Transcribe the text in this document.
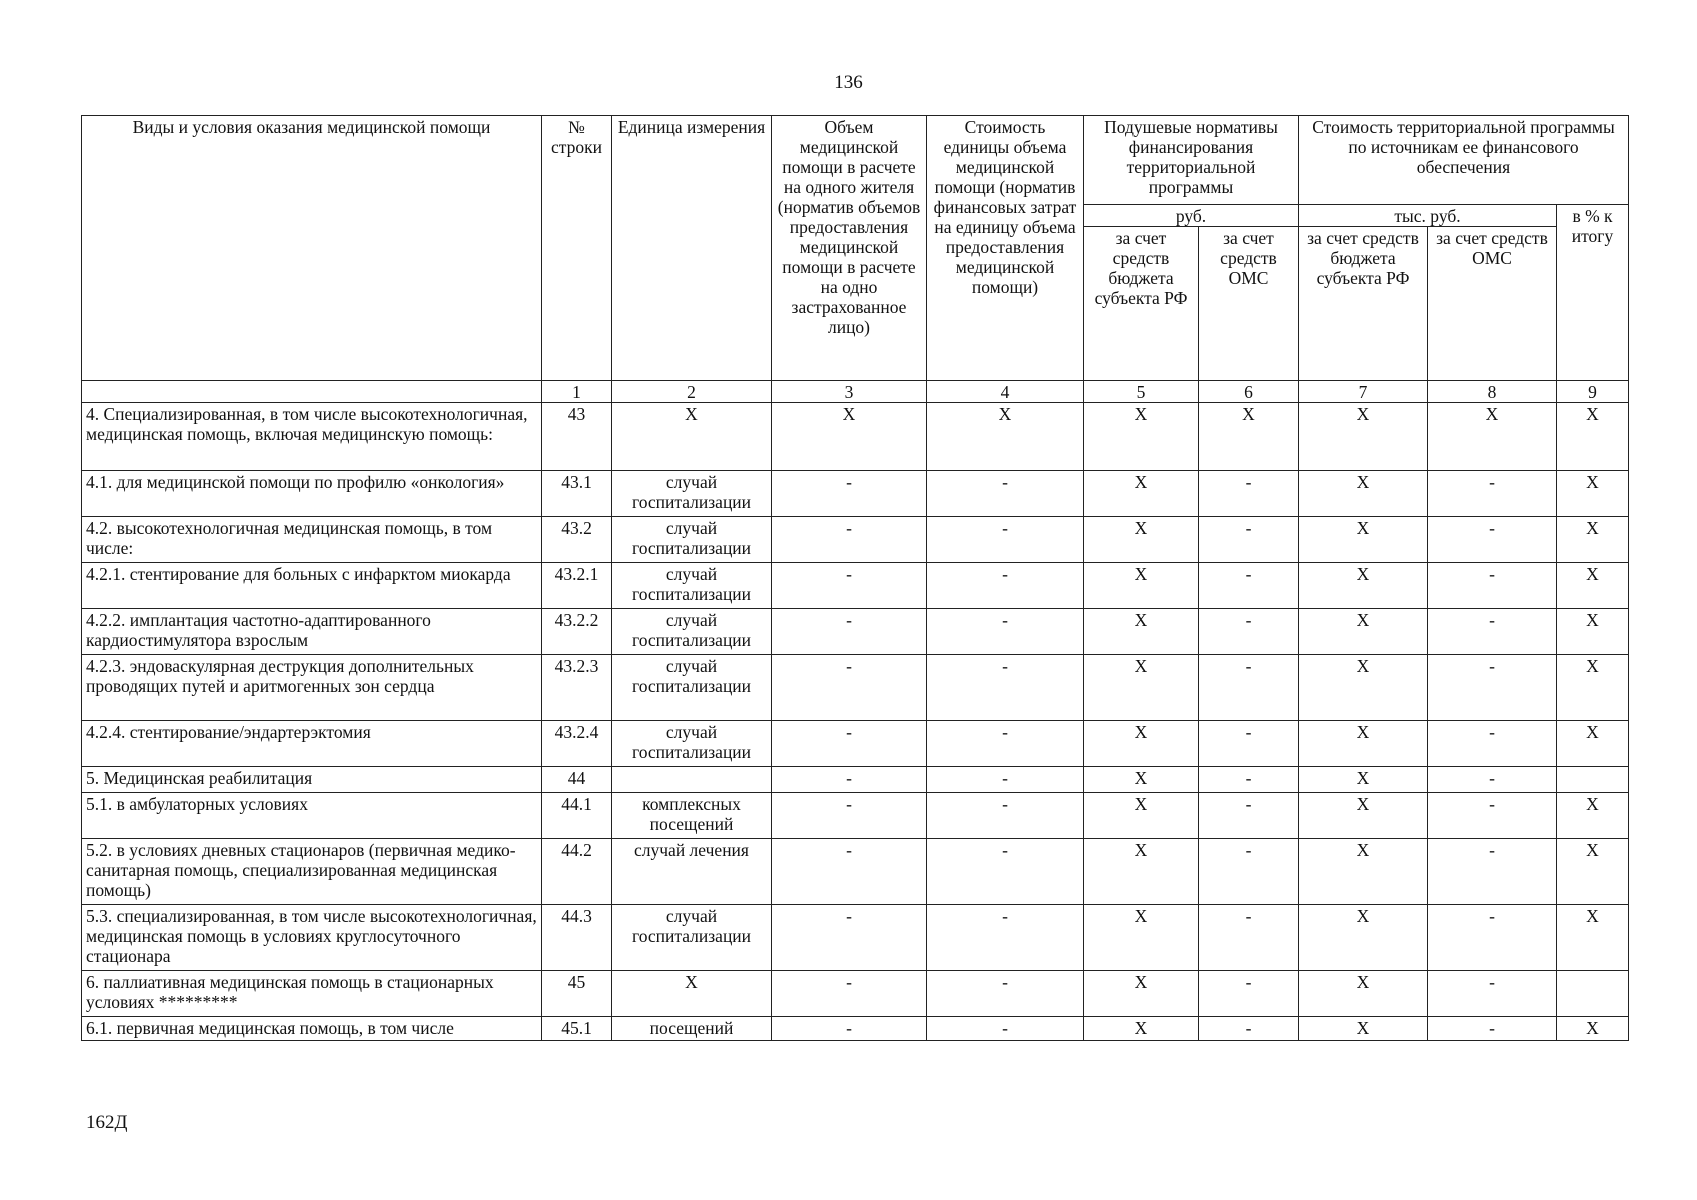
136
Виды и условия оказания медицинской помощи	№ строки	Единица измерения	Объем медицинской помощи в расчете на одного жителя (норматив объемов предоставления медицинской помощи в расчете на одно застрахованное лицо)	Стоимость единицы объема медицинской помощи (норматив финансовых затрат на единицу объема предоставления медицинской помощи)	Подушевые нормативы финансирования территориальной программы		Стоимость территориальной программы по источникам ее финансового обеспечения		
					руб.		тыс. руб.		в % к итогу
					за счет средств бюджета субъекта РФ	за счет средств ОМС	за счет средств бюджета субъекта РФ	за счет средств ОМС	
	1	2	3	4	5	6	7	8	9
4. Специализированная, в том числе высокотехнологичная, медицинская помощь, включая медицинскую помощь:	43	Х	Х	Х	Х	Х	Х	Х	Х
4.1. для медицинской помощи по профилю «онкология»	43.1	случай госпитализации	-	-	Х	-	Х	-	Х
4.2. высокотехнологичная медицинская помощь, в том числе:	43.2	случай госпитализации	-	-	Х	-	Х	-	Х
4.2.1. стентирование для больных с инфарктом миокарда	43.2.1	случай госпитализации	-	-	Х	-	Х	-	Х
4.2.2. имплантация частотно-адаптированного кардиостимулятора взрослым	43.2.2	случай госпитализации	-	-	Х	-	Х	-	Х
4.2.3. эндоваскулярная деструкция дополнительных проводящих путей и аритмогенных зон сердца	43.2.3	случай госпитализации	-	-	Х	-	Х	-	Х
4.2.4. стентирование/эндартерэктомия	43.2.4	случай госпитализации	-	-	Х	-	Х	-	Х
5. Медицинская реабилитация	44		-	-	Х	-	Х	-	
5.1. в амбулаторных условиях	44.1	комплексных посещений	-	-	Х	-	Х	-	Х
5.2. в условиях дневных стационаров (первичная медико-санитарная помощь, специализированная медицинская помощь)	44.2	случай лечения	-	-	Х	-	Х	-	Х
5.3. специализированная, в том числе высокотехнологичная, медицинская помощь в условиях круглосуточного стационара	44.3	случай госпитализации	-	-	Х	-	Х	-	Х
6. паллиативная медицинская помощь в стационарных условиях *********	45	Х	-	-	Х	-	Х	-	
6.1. первичная медицинская помощь, в том числе	45.1	посещений	-	-	Х	-	Х	-	Х
162Д
